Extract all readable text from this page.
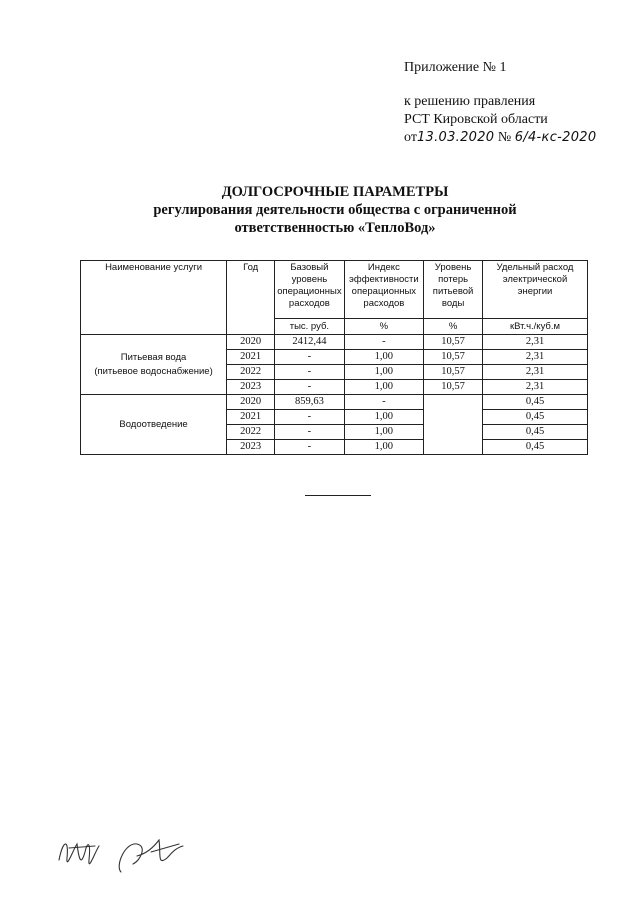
Приложение № 1
к решению правления
РСТ Кировской области
от13.03.2020 № 6/4-кс-2020
ДОЛГОСРОЧНЫЕ ПАРАМЕТРЫ
регулирования деятельности общества с ограниченной
ответственностью «ТеплоВод»
Наименование услуги	Год	Базовый уровень операционных расходов	Индекс эффективности операционных расходов	Уровень потерь питьевой воды	Удельный расход электрической энергии
		тыс. руб.	%	%	кВт.ч./куб.м

Питьевая вода
(питьевое водоснабжение)	2020	2412,44	-	10,57	2,31
	2021	-	1,00	10,57	2,31
	2022	-	1,00	10,57	2,31
	2023	-	1,00	10,57	2,31
Водоотведение	2020	859,63	-		0,45
	2021	-	1,00		0,45
	2022	-	1,00		0,45
	2023	-	1,00		0,45
